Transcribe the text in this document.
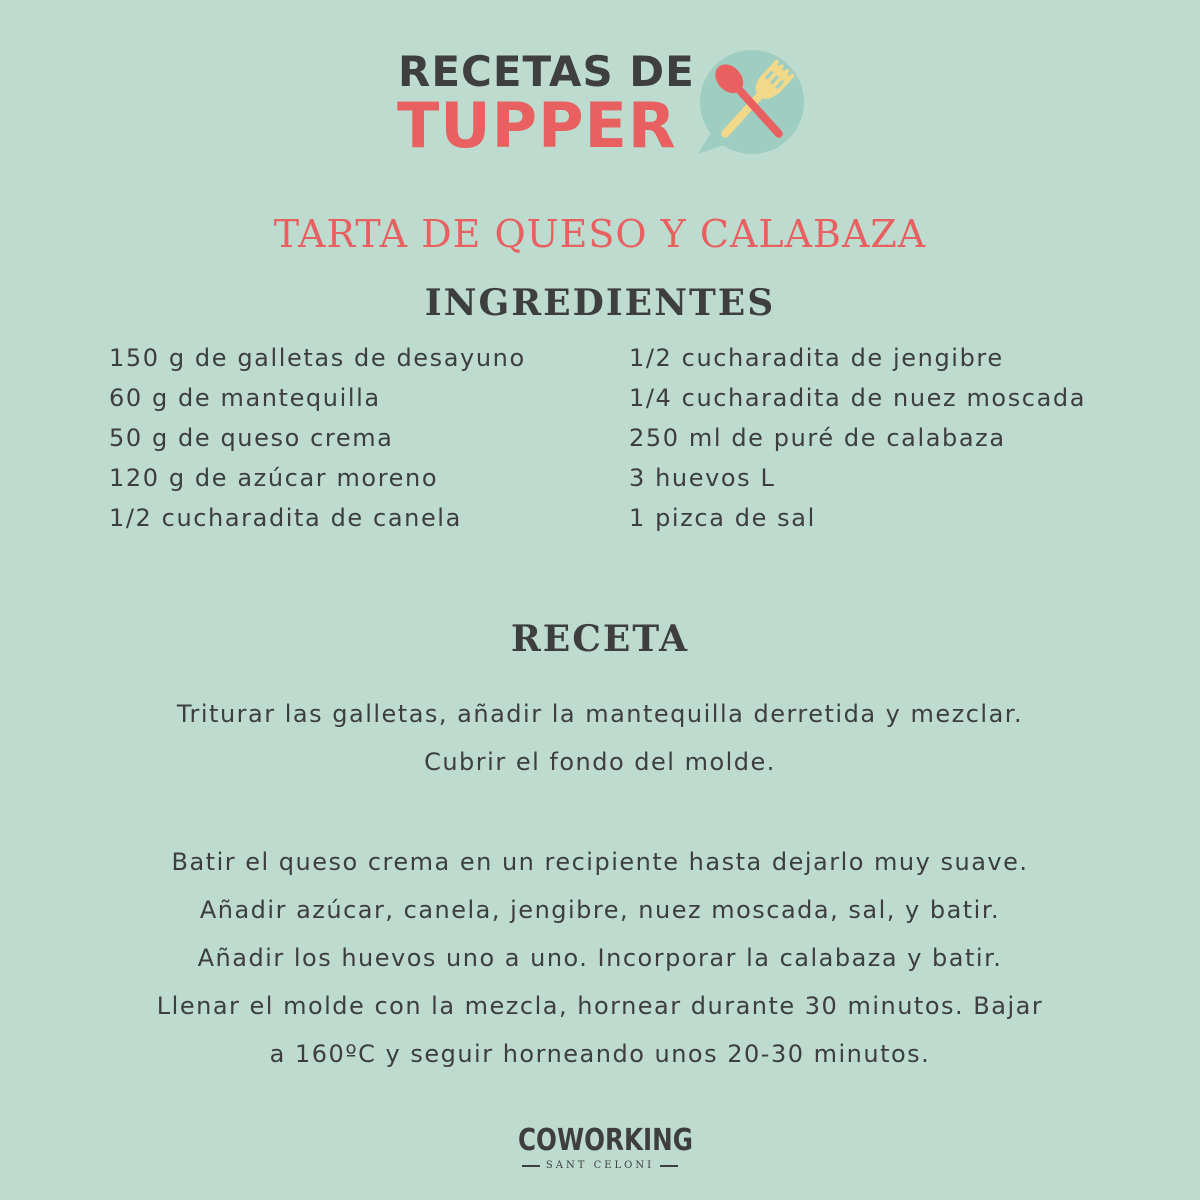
RECETAS DE
TUPPER
TARTA DE QUESO Y CALABAZA
INGREDIENTES
150 g de galletas de desayuno
60 g de mantequilla
50 g de queso crema
120 g de azúcar moreno
1/2 cucharadita de canela
1/2 cucharadita de jengibre
1/4 cucharadita de nuez moscada
250 ml de puré de calabaza
3 huevos L
1 pizca de sal
RECETA
Triturar las galletas, añadir la mantequilla derretida y mezclar.
Cubrir el fondo del molde.
Batir el queso crema en un recipiente hasta dejarlo muy suave.
Añadir azúcar, canela, jengibre, nuez moscada, sal, y batir.
Añadir los huevos uno a uno. Incorporar la calabaza y batir.
Llenar el molde con la mezcla, hornear durante 30 minutos. Bajar
a 160ºC y seguir horneando unos 20-30 minutos.
COWORKING
SANT CELONI
